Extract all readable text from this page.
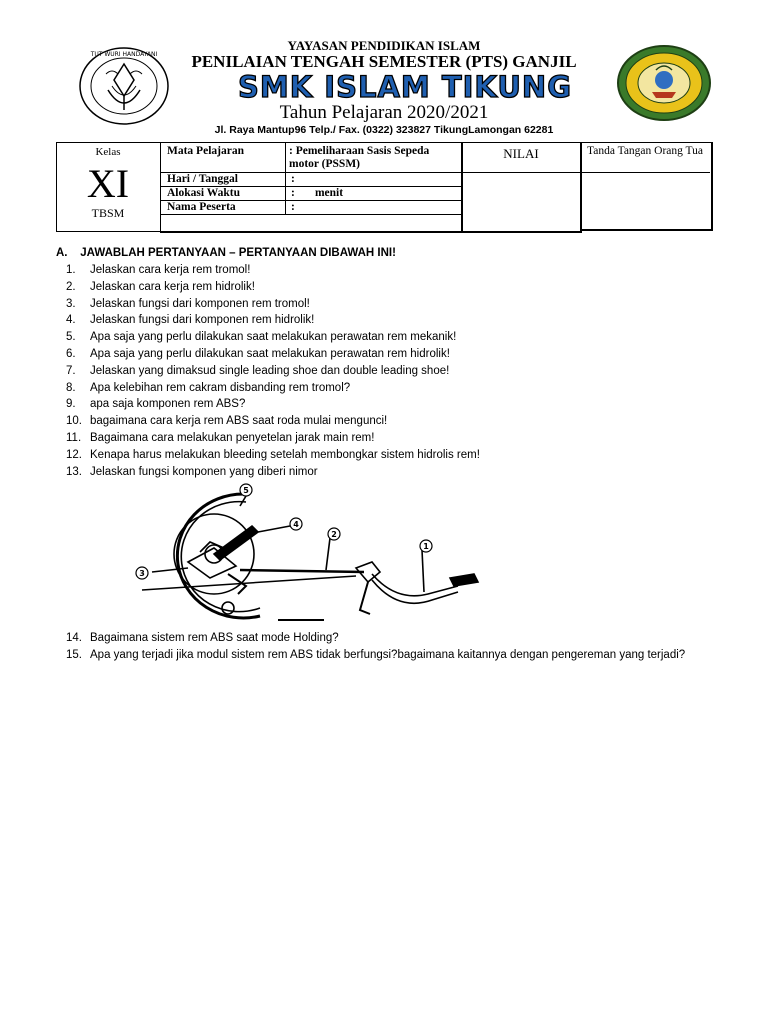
TUT WURI HANDAYANI
YAYASAN PENDIDIKAN ISLAM
PENILAIAN TENGAH SEMESTER (PTS) GANJIL
SMK ISLAM TIKUNG
Tahun Pelajaran 2020/2021
Jl. Raya Mantup96 Telp./ Fax. (0322) 323827 TikungLamongan 62281
Kelas
XI
TBSM
Mata Pelajaran	: Pemeliharaan Sasis Sepeda motor (PSSM)
Hari / Tanggal	:
Alokasi Waktu	:       menit
Nama Peserta	:
NILAI	Tanda Tangan Orang Tua
A.    JAWABLAH PERTANYAAN – PERTANYAAN DIBAWAH INI!
1.	Jelaskan cara kerja rem tromol!
2.	Jelaskan cara kerja rem hidrolik!
3.	Jelaskan fungsi dari komponen rem tromol!
4.	Jelaskan fungsi dari komponen rem hidrolik!
5.	Apa saja yang perlu dilakukan saat melakukan perawatan rem mekanik!
6.	Apa saja yang perlu dilakukan saat melakukan perawatan rem hidrolik!
7.	Jelaskan yang dimaksud single leading shoe dan double leading shoe!
8.	Apa kelebihan rem cakram disbanding rem tromol?
9.	apa saja komponen rem ABS?
10. bagaimana cara kerja rem ABS saat roda mulai mengunci!
11. Bagaimana cara melakukan penyetelan jarak main rem!
12. Kenapa harus melakukan bleeding setelah membongkar sistem hidrolis rem!
13. Jelaskan fungsi komponen yang diberi nimor
5
4
2
1
3
14. Bagaimana sistem rem ABS saat mode Holding?
15. Apa yang terjadi jika modul sistem rem ABS tidak berfungsi?bagaimana kaitannya dengan pengereman yang terjadi?
